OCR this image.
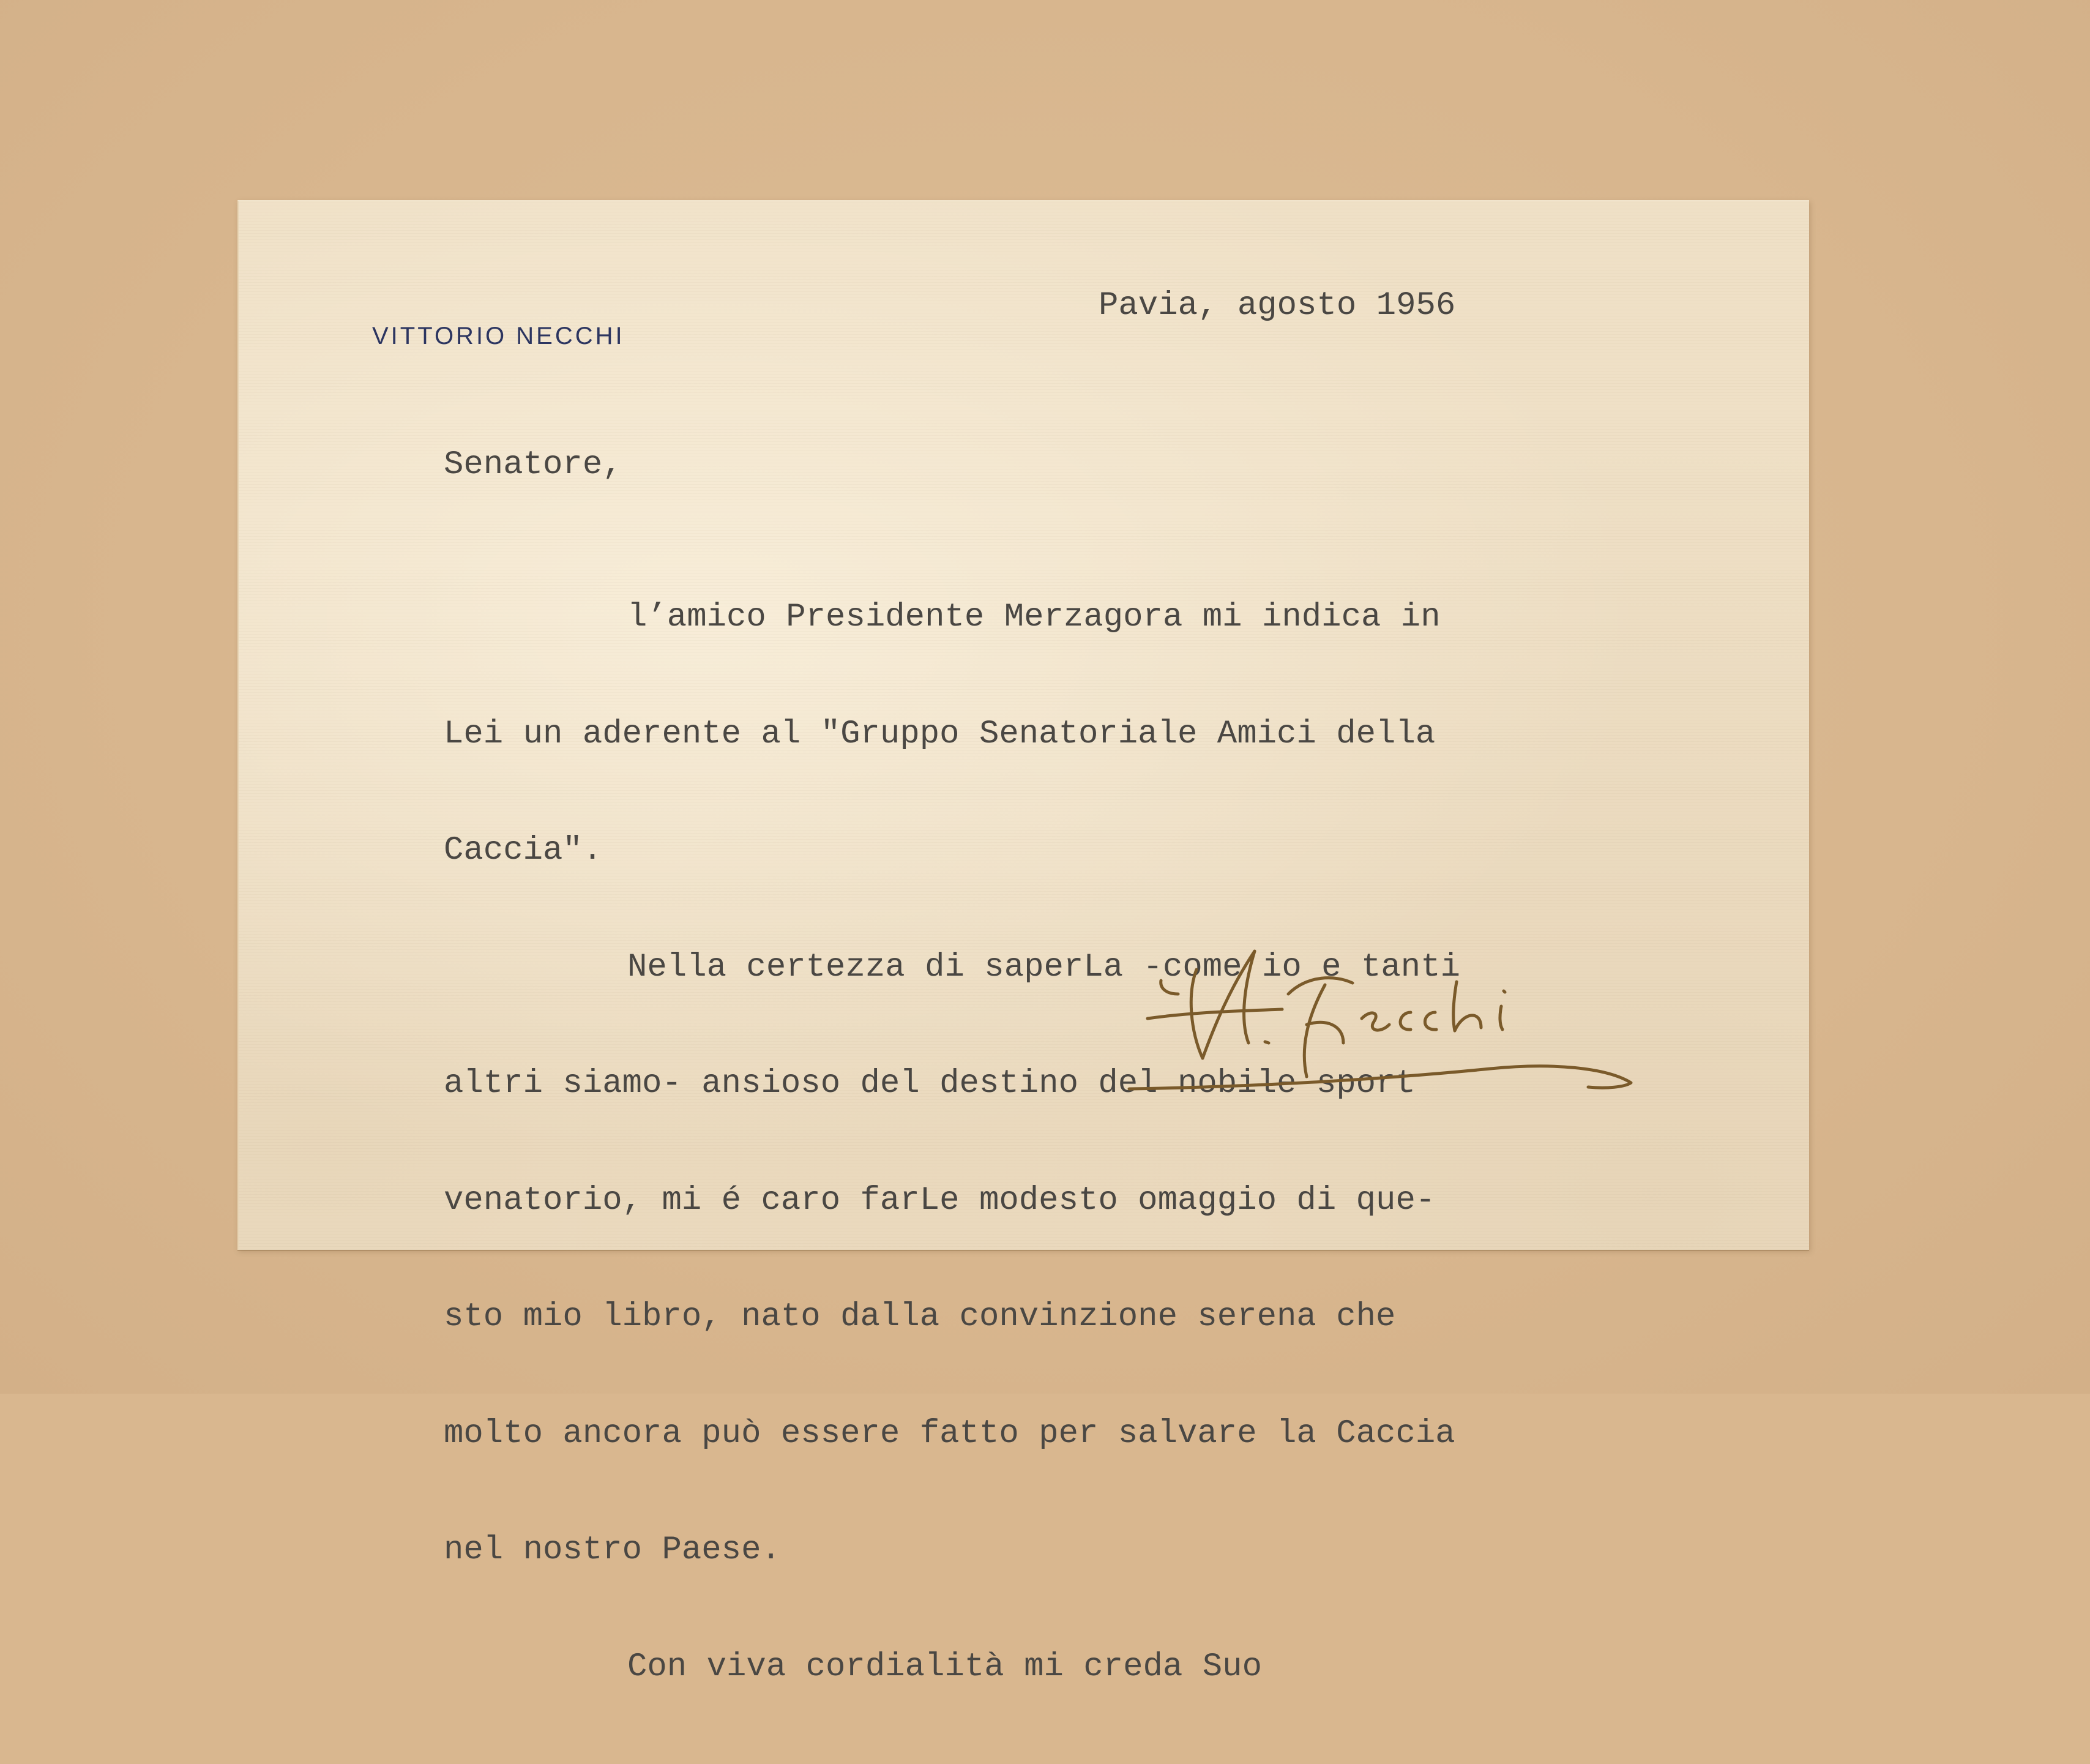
VITTORIO NECCHI

Pavia, agosto 1956

Senatore,

l’amico Presidente Merzagora mi indica in

Lei un aderente al "Gruppo Senatoriale Amici della

Caccia".

Nella certezza di saperLa -come io e tanti

altri siamo- ansioso del destino del nobile sport

venatorio, mi é caro farLe modesto omaggio di que-

sto mio libro, nato dalla convinzione serena che

molto ancora può essere fatto per salvare la Caccia

nel nostro Paese.

Con viva cordialità mi creda Suo
